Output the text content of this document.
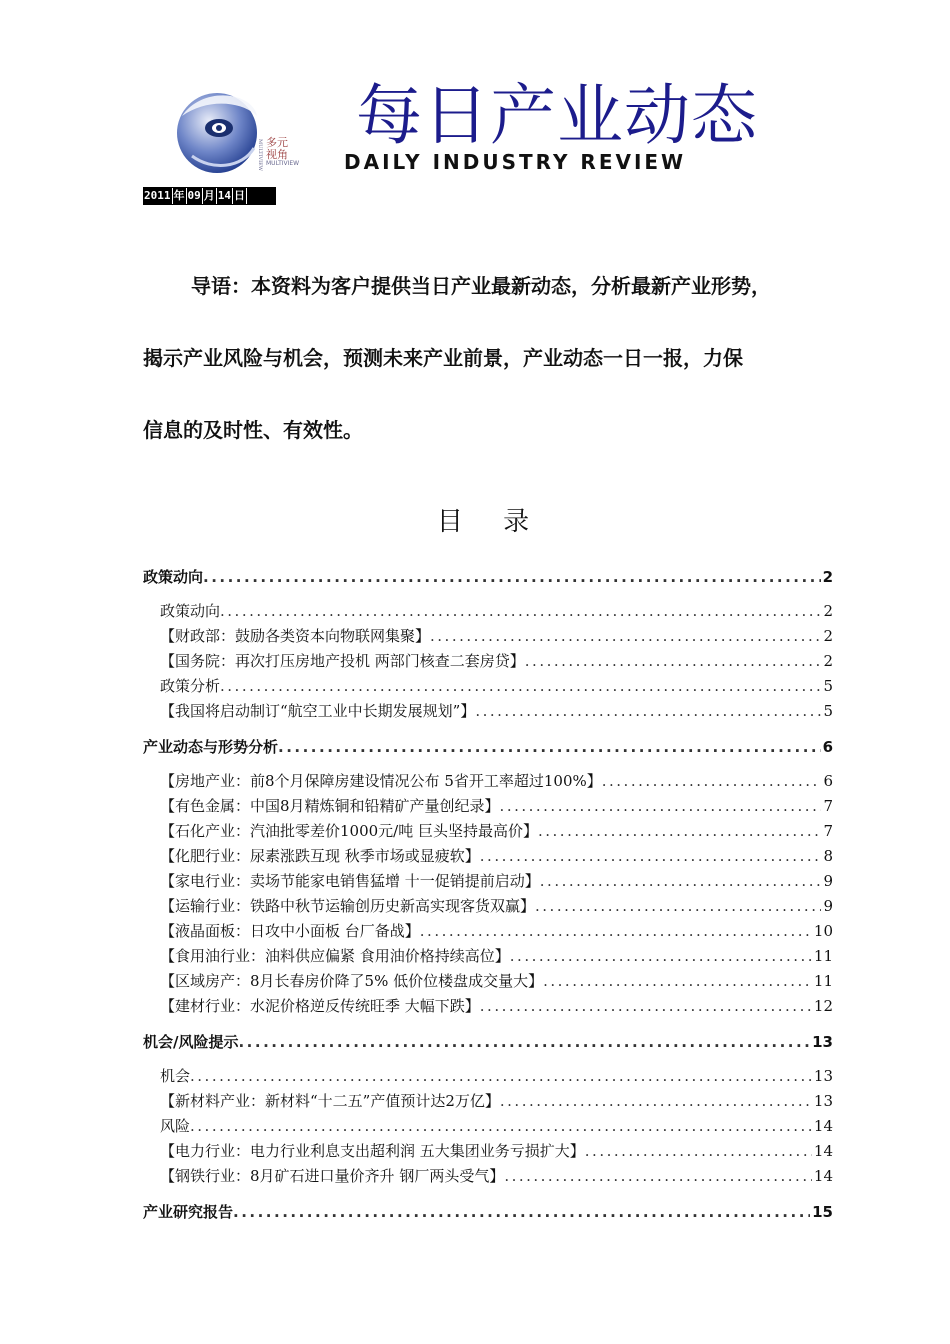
MULTIVIEW 多元
视角
MULTIVIEW
每日产业动态
DAILY INDUSTRY REVIEW
2011 年 09 月 14 日

导语：本资料为客户提供当日产业最新动态，分析最新产业形势，

揭示产业风险与机会，预测未来产业前景，产业动态一日一报，力保

信息的及时性、有效性。

目 录
政策动向 .....	2
政策动向 .....	2
【财政部：鼓励各类资本向物联网集聚】 .....	2
【国务院：再次打压房地产投机 两部门核查二套房贷】 .....	2
政策分析 .....	5
【我国将启动制订“航空工业中长期发展规划”】 .....	5
产业动态与形势分析 .....	6
【房地产业：前8个月保障房建设情况公布 5省开工率超过100%】 .....	6
【有色金属：中国8月精炼铜和铅精矿产量创纪录】 .....	7
【石化产业：汽油批零差价1000元/吨 巨头坚持最高价】 .....	7
【化肥行业：尿素涨跌互现 秋季市场或显疲软】 .....	8
【家电行业：卖场节能家电销售猛增 十一促销提前启动】 .....	9
【运输行业：铁路中秋节运输创历史新高实现客货双赢】 .....	9
【液晶面板：日攻中小面板 台厂备战】 .....	10
【食用油行业：油料供应偏紧 食用油价格持续高位】 .....	11
【区域房产：8月长春房价降了5% 低价位楼盘成交量大】 .....	11
【建材行业：水泥价格逆反传统旺季 大幅下跌】 .....	12
机会/风险提示 .....	13
机会 .....	13
【新材料产业：新材料“十二五”产值预计达2万亿】 .....	13
风险 .....	14
【电力行业：电力行业利息支出超利润 五大集团业务亏损扩大】 .....	14
【钢铁行业：8月矿石进口量价齐升 钢厂两头受气】 .....	14
产业研究报告 .....	15
